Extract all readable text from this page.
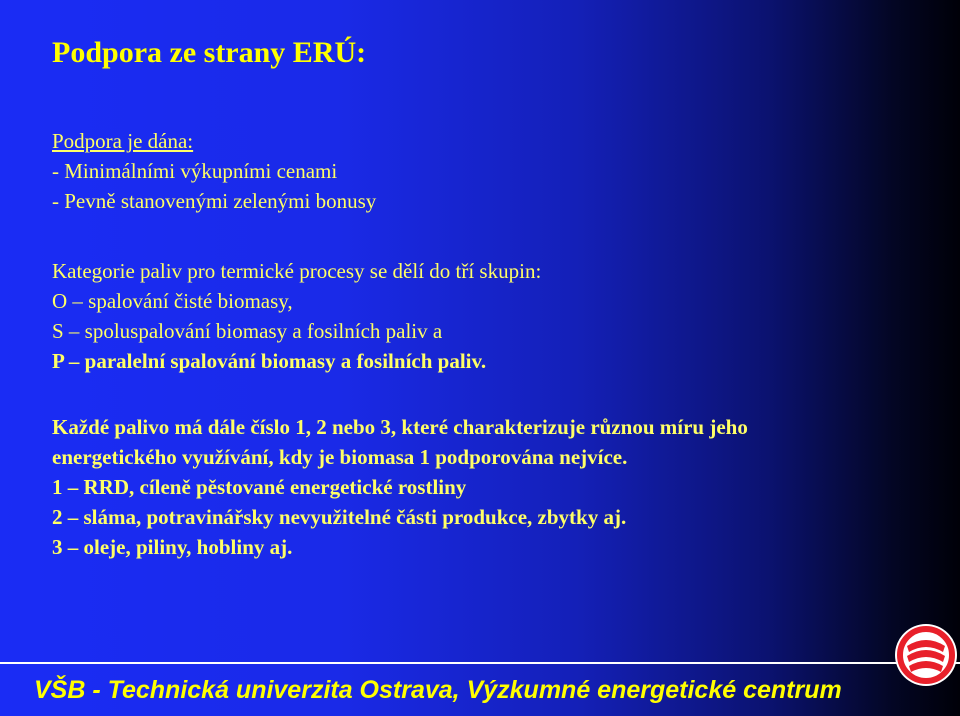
Podpora ze strany ERÚ:
Podpora je dána:
- Minimálními výkupními cenami
- Pevně stanovenými zelenými bonusy
Kategorie paliv pro termické procesy se dělí do tří skupin:
O – spalování čisté biomasy,
S – spoluspalování biomasy a fosilních paliv a
P – paralelní spalování biomasy a fosilních paliv.
Každé palivo má dále číslo 1, 2 nebo 3, které charakterizuje různou míru jeho
energetického využívání, kdy je biomasa 1 podporována nejvíce.
1 – RRD, cíleně pěstované energetické rostliny
2 – sláma, potravinářsky nevyužitelné části produkce, zbytky aj.
3 – oleje, piliny, hobliny aj.
VŠB - Technická univerzita Ostrava, Výzkumné energetické centrum
